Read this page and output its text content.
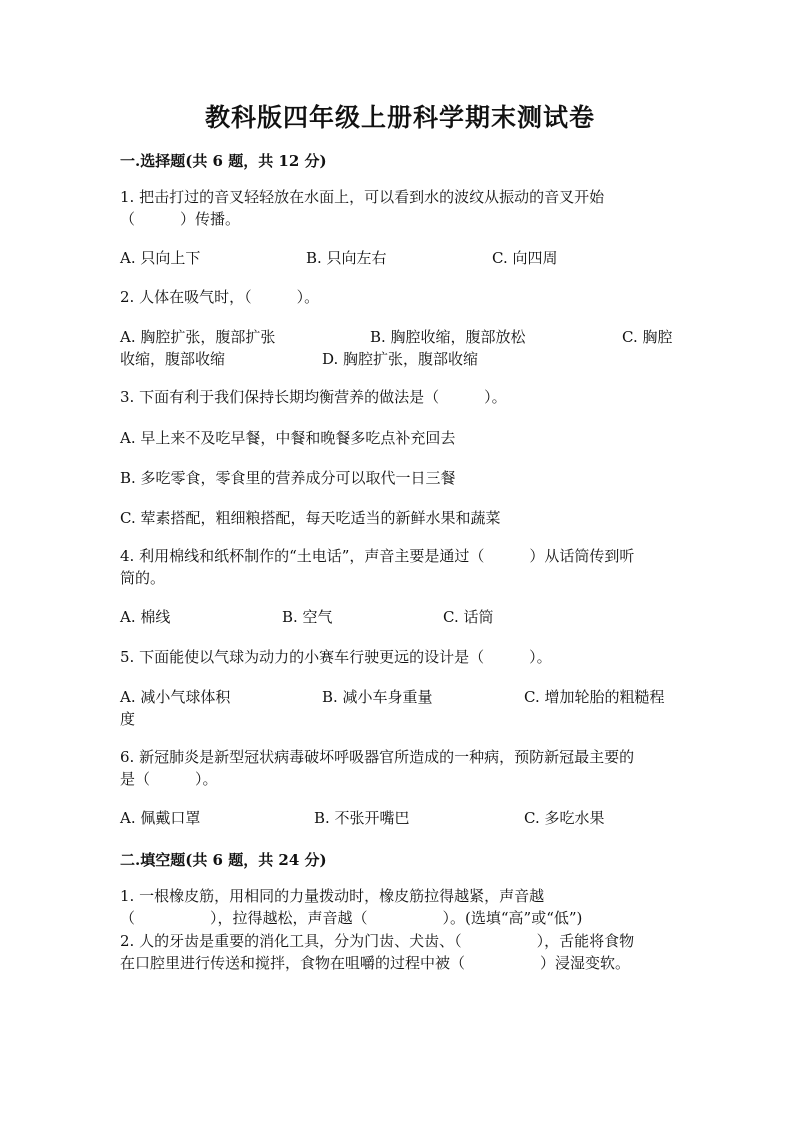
教科版四年级上册科学期末测试卷
一.选择题(共 6 题，共 12 分)
1. 把击打过的音叉轻轻放在水面上，可以看到水的波纹从振动的音叉开始
（　　　）传播。
A. 只向上下	B. 只向左右	C. 向四周
2. 人体在吸气时，（　　　）。
A. 胸腔扩张，腹部扩张	B. 胸腔收缩，腹部放松	C. 胸腔
收缩，腹部收缩	D. 胸腔扩张，腹部收缩
3. 下面有利于我们保持长期均衡营养的做法是（　　　）。
A. 早上来不及吃早餐，中餐和晚餐多吃点补充回去
B. 多吃零食，零食里的营养成分可以取代一日三餐
C. 荤素搭配，粗细粮搭配，每天吃适当的新鲜水果和蔬菜
4. 利用棉线和纸杯制作的“土电话”，声音主要是通过（　　　）从话筒传到听
筒的。
A. 棉线	B. 空气	C. 话筒
5. 下面能使以气球为动力的小赛车行驶更远的设计是（　　　）。
A. 减小气球体积	B. 减小车身重量	C. 增加轮胎的粗糙程
度
6. 新冠肺炎是新型冠状病毒破坏呼吸器官所造成的一种病，预防新冠最主要的
是（　　　）。
A. 佩戴口罩	B. 不张开嘴巴	C. 多吃水果
二.填空题(共 6 题，共 24 分)
1. 一根橡皮筋，用相同的力量拨动时，橡皮筋拉得越紧，声音越
（　　　　　），拉得越松，声音越（　　　　　）。(选填“高”或“低”)
2. 人的牙齿是重要的消化工具，分为门齿、犬齿、（　　　　　），舌能将食物
在口腔里进行传送和搅拌，食物在咀嚼的过程中被（　　　　　）浸湿变软。
